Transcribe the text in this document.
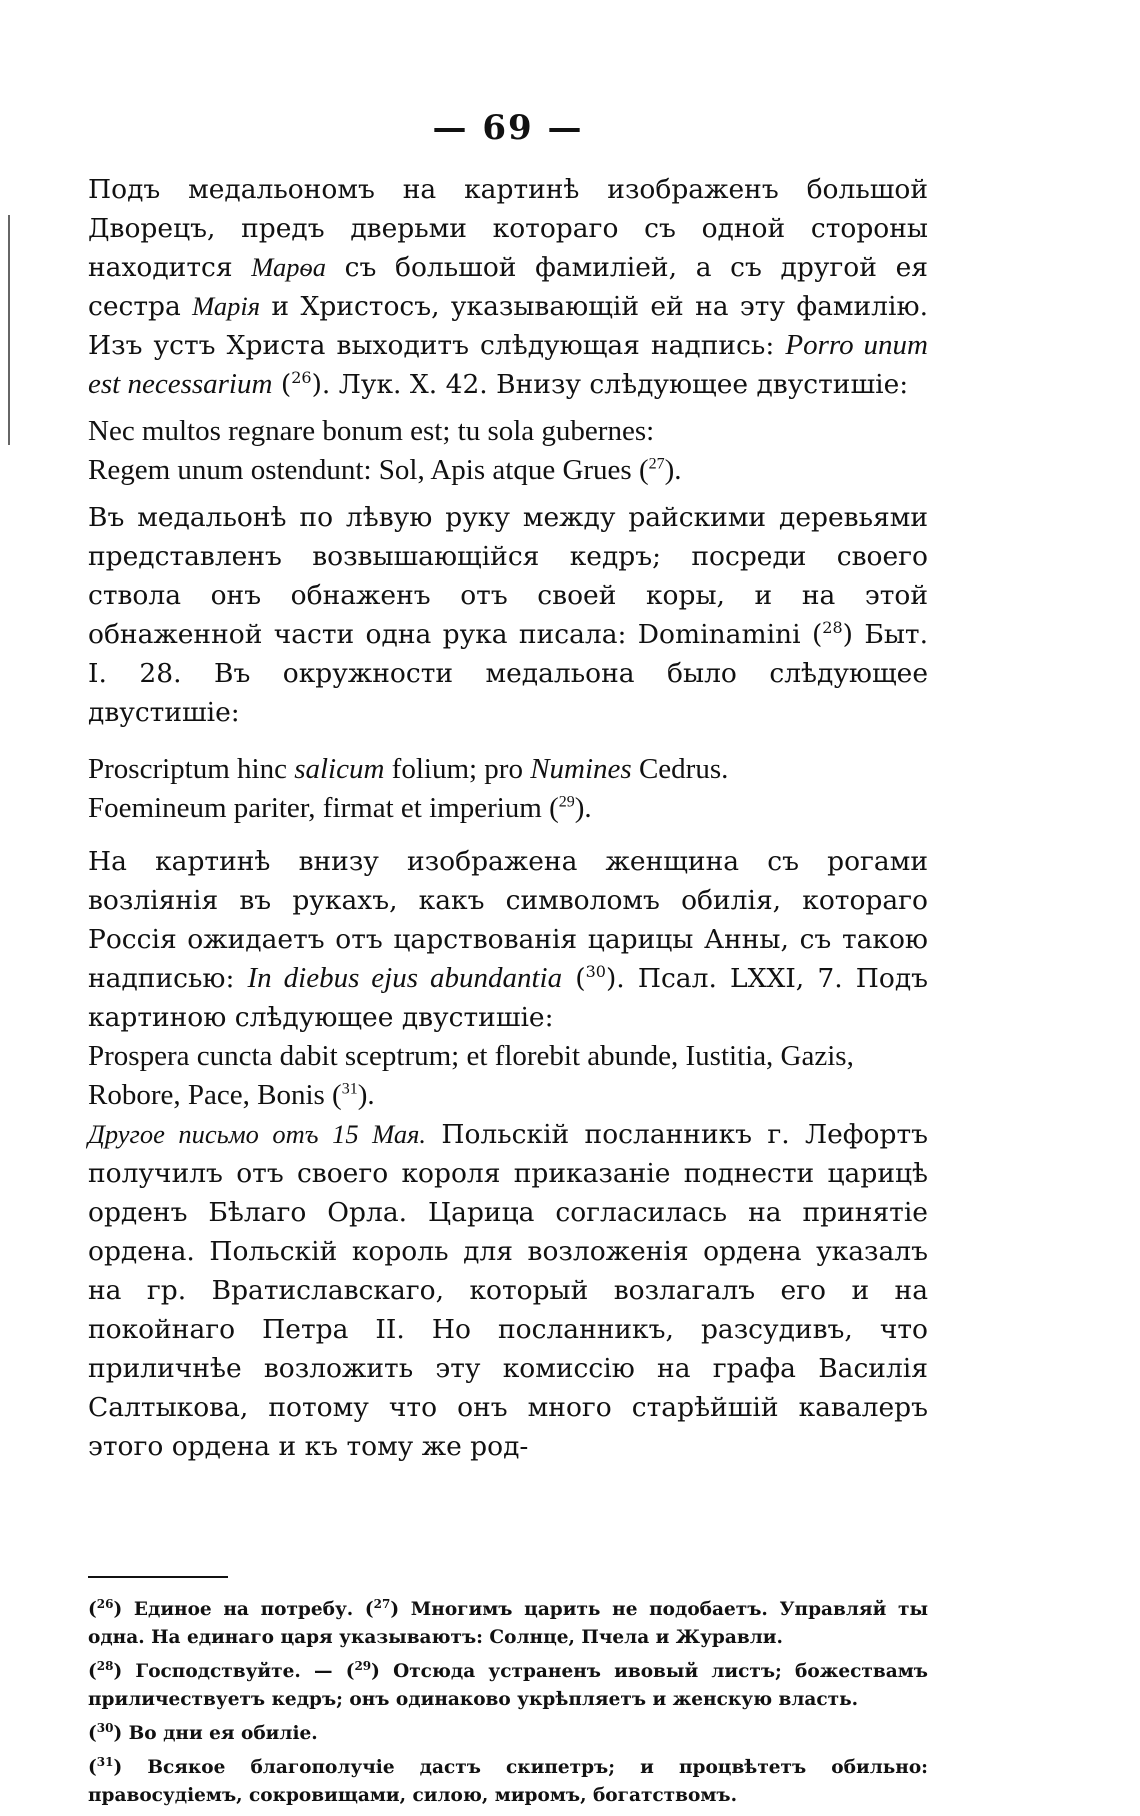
— 69 —

Подъ медальономъ на картинѣ изображенъ большой Дворецъ, предъ дверьми котораго съ одной стороны находится Марѳа съ большой фамиліей, а съ другой ея сестра Марія и Христосъ, указывающій ей на эту фамилію. Изъ устъ Христа выходитъ слѣдующая надпись: Porro unum est necessarium ($^{26}$). Лук. X. 42. Внизу слѣдующее двустишіе:

Nec multos regnare bonum est; tu sola gubernes:
Regem unum ostendunt: Sol, Apis atque Grues ($^{27}$).

Въ медальонѣ по лѣвую руку между райскими деревьями представленъ возвышающійся кедръ; посреди своего ствола онъ обнаженъ отъ своей коры, и на этой обнаженной части одна рука писала: Dominamini ($^{28}$) Быт. I. 28. Въ окружности медальона было слѣдующее двустишіе:

Proscriptum hinc salicum folium; pro Numines Cedrus.
Foemineum pariter, firmat et imperium ($^{29}$).

На картинѣ внизу изображена женщина съ рогами возліянія въ рукахъ, какъ символомъ обилія, котораго Россія ожидаетъ отъ царствованія царицы Анны, съ такою надписью: In diebus ejus abundantia ($^{30}$). Псал. LXXI, 7. Подъ картиною слѣдующее двустишіе:

Prospera cuncta dabit sceptrum; et florebit abunde, Iustitia, Gazis, Robore, Pace, Bonis ($^{31}$).

Другое письмо отъ 15 Мая. Польскій посланникъ г. Лефортъ получилъ отъ своего короля приказаніе поднести царицѣ орденъ Бѣлаго Орла. Царица согласилась на принятіе ордена. Польскій король для возложенія ордена указалъ на гр. Вратиславскаго, который возлагалъ его и на покойнаго Петра II. Но посланникъ, разсудивъ, что приличнѣе возложить эту комиссію на графа Василія Салтыкова, потому что онъ много старѣйшій кавалеръ этого ордена и къ тому же род-

($^{26}$) Единое на потребу. ($^{27}$) Многимъ царить не подобаетъ. Управляй ты одна. На единаго царя указываютъ: Солнце, Пчела и Журавли.

($^{28}$) Господствуйте. — ($^{29}$) Отсюда устраненъ ивовый листъ; божествамъ приличествуетъ кедръ; онъ одинаково укрѣпляетъ и женскую власть.

($^{30}$) Во дни ея обиліе.

($^{31}$) Всякое благополучіе дастъ скипетръ; и процвѣтетъ обильно: правосудіемъ, сокровищами, силою, миромъ, богатствомъ.
